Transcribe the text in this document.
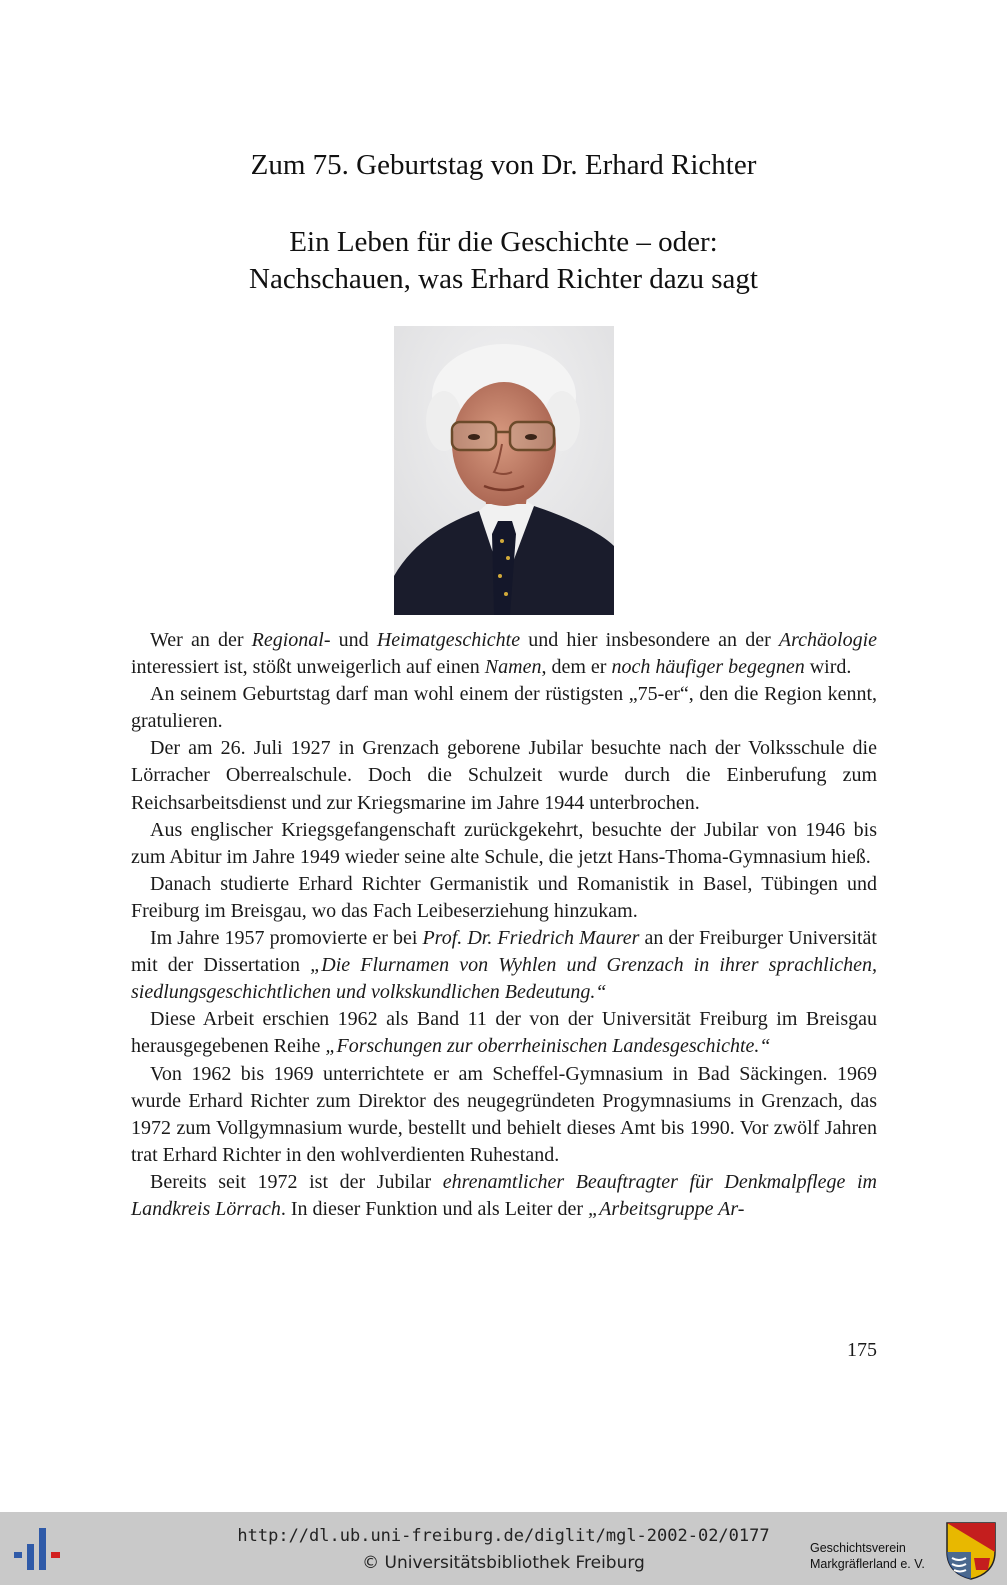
Zum 75. Geburtstag von Dr. Erhard Richter
Ein Leben für die Geschichte – oder:
Nachschauen, was Erhard Richter dazu sagt

Wer an der Regional- und Heimatgeschichte und hier insbesondere an der Archäologie interessiert ist, stößt unweigerlich auf einen Namen, dem er noch häufiger begegnen wird.

An seinem Geburtstag darf man wohl einem der rüstigsten „75-er“, den die Region kennt, gratulieren.

Der am 26. Juli 1927 in Grenzach geborene Jubilar besuchte nach der Volksschule die Lörracher Oberrealschule. Doch die Schulzeit wurde durch die Einberufung zum Reichsarbeitsdienst und zur Kriegsmarine im Jahre 1944 unterbrochen.

Aus englischer Kriegsgefangenschaft zurückgekehrt, besuchte der Jubilar von 1946 bis zum Abitur im Jahre 1949 wieder seine alte Schule, die jetzt Hans-Thoma-Gymnasium hieß.

Danach studierte Erhard Richter Germanistik und Romanistik in Basel, Tübingen und Freiburg im Breisgau, wo das Fach Leibeserziehung hinzukam.

Im Jahre 1957 promovierte er bei Prof. Dr. Friedrich Maurer an der Freiburger Universität mit der Dissertation „Die Flurnamen von Wyhlen und Grenzach in ihrer sprachlichen, siedlungsgeschichtlichen und volkskundlichen Bedeutung.“

Diese Arbeit erschien 1962 als Band 11 der von der Universität Freiburg im Breisgau herausgegebenen Reihe „Forschungen zur oberrheinischen Landesgeschichte.“

Von 1962 bis 1969 unterrichtete er am Scheffel-Gymnasium in Bad Säckingen. 1969 wurde Erhard Richter zum Direktor des neugegründeten Progymnasiums in Grenzach, das 1972 zum Vollgymnasium wurde, bestellt und behielt dieses Amt bis 1990. Vor zwölf Jahren trat Erhard Richter in den wohlverdienten Ruhestand.

Bereits seit 1972 ist der Jubilar ehrenamtlicher Beauftragter für Denkmalpflege im Landkreis Lörrach. In dieser Funktion und als Leiter der „Arbeitsgruppe Ar-

175
http://dl.ub.uni-freiburg.de/diglit/mgl-2002-02/0177
© Universitätsbibliothek Freiburg
Geschichtsverein
Markgräflerland e. V.
